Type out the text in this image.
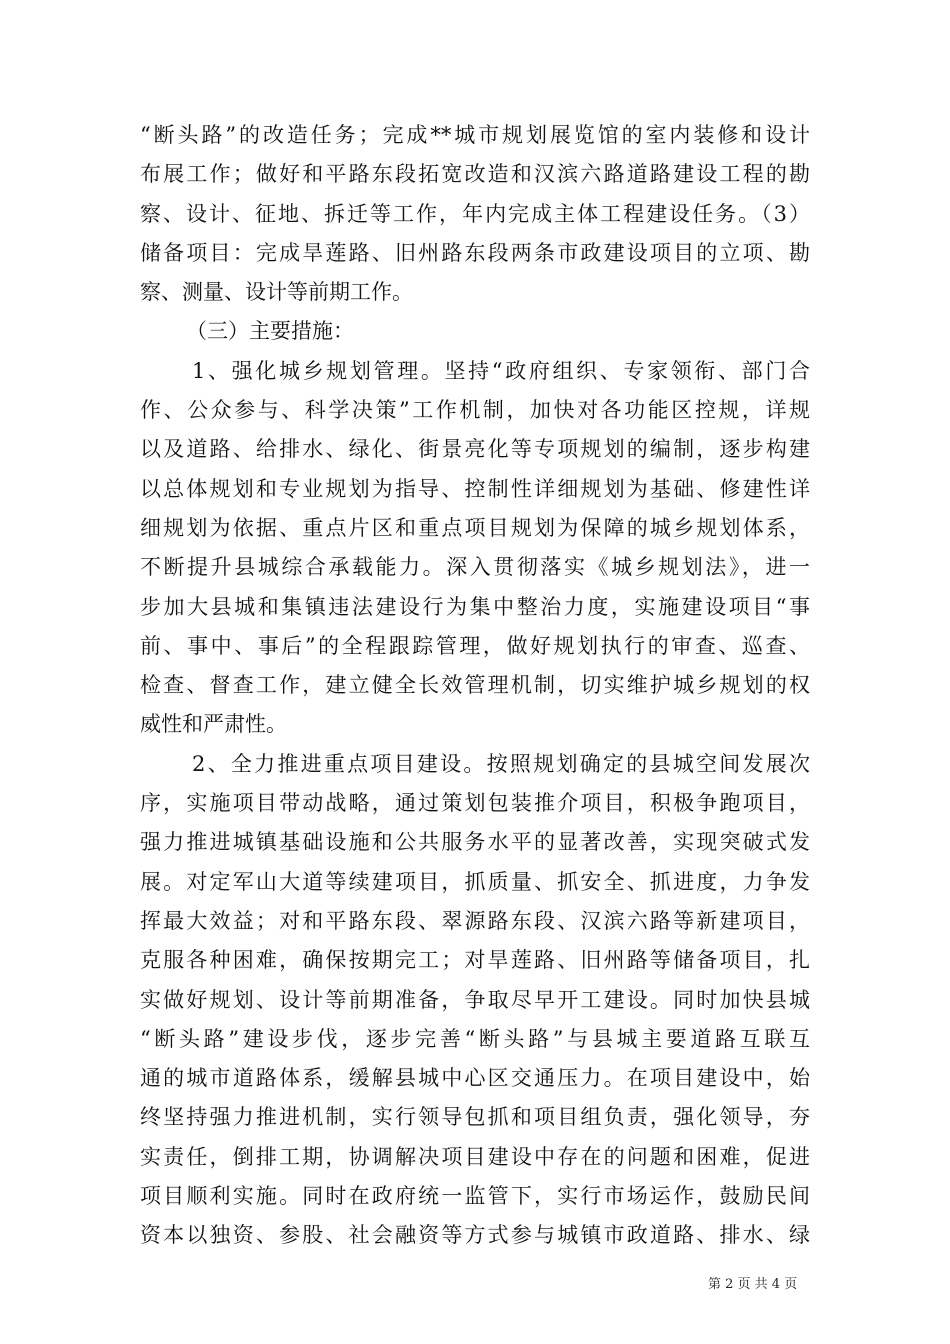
“断头路”的改造任务；完成**城市规划展览馆的室内装修和设计
布展工作；做好和平路东段拓宽改造和汉滨六路道路建设工程的勘
察、设计、征地、拆迁等工作，年内完成主体工程建设任务。（3）
储备项目：完成旱莲路、旧州路东段两条市政建设项目的立项、勘
察、测量、设计等前期工作。
（三）主要措施：
1、强化城乡规划管理。坚持“政府组织、专家领衔、部门合
作、公众参与、科学决策”工作机制，加快对各功能区控规，详规
以及道路、给排水、绿化、街景亮化等专项规划的编制，逐步构建
以总体规划和专业规划为指导、控制性详细规划为基础、修建性详
细规划为依据、重点片区和重点项目规划为保障的城乡规划体系，
不断提升县城综合承载能力。深入贯彻落实《城乡规划法》，进一
步加大县城和集镇违法建设行为集中整治力度，实施建设项目“事
前、事中、事后”的全程跟踪管理，做好规划执行的审查、巡查、
检查、督查工作，建立健全长效管理机制，切实维护城乡规划的权
威性和严肃性。
2、全力推进重点项目建设。按照规划确定的县城空间发展次
序，实施项目带动战略，通过策划包装推介项目，积极争跑项目，
强力推进城镇基础设施和公共服务水平的显著改善，实现突破式发
展。对定军山大道等续建项目，抓质量、抓安全、抓进度，力争发
挥最大效益；对和平路东段、翠源路东段、汉滨六路等新建项目，
克服各种困难，确保按期完工；对旱莲路、旧州路等储备项目，扎
实做好规划、设计等前期准备，争取尽早开工建设。同时加快县城
“断头路”建设步伐，逐步完善“断头路”与县城主要道路互联互
通的城市道路体系，缓解县城中心区交通压力。在项目建设中，始
终坚持强力推进机制，实行领导包抓和项目组负责，强化领导，夯
实责任，倒排工期，协调解决项目建设中存在的问题和困难，促进
项目顺利实施。同时在政府统一监管下，实行市场运作，鼓励民间
资本以独资、参股、社会融资等方式参与城镇市政道路、排水、绿
第 2 页 共 4 页
